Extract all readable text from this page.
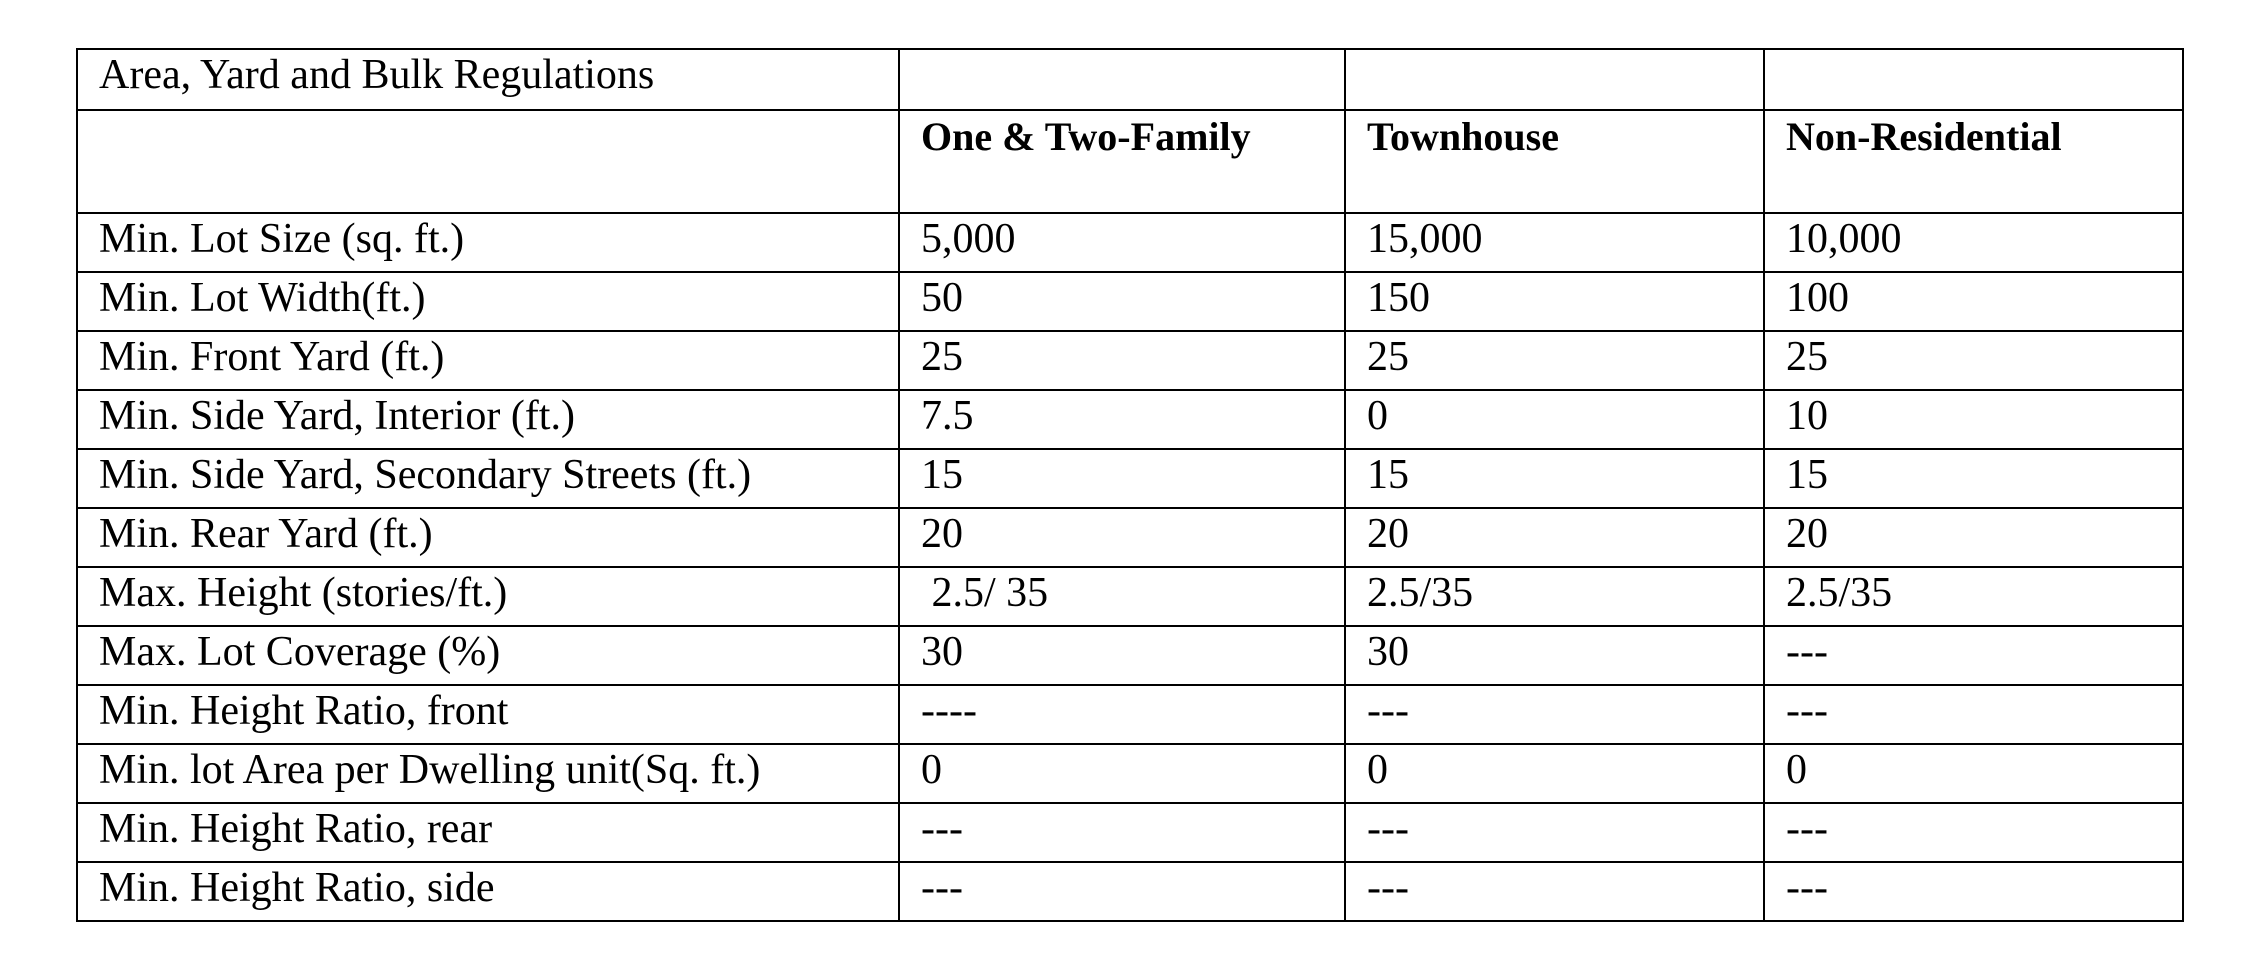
Area, Yard and Bulk Regulations			
	One & Two-Family	Townhouse	Non-Residential
Min. Lot Size (sq. ft.)	5,000	15,000	10,000
Min. Lot Width(ft.)	50	150	100
Min. Front Yard (ft.)	25	25	25
Min. Side Yard, Interior (ft.)	7.5	0	10
Min. Side Yard, Secondary Streets (ft.)	15	15	15
Min. Rear Yard (ft.)	20	20	20
Max. Height (stories/ft.)	2.5/ 35	2.5/35	2.5/35
Max. Lot Coverage (%)	30	30	---
Min. Height Ratio, front	----	---	---
Min. lot Area per Dwelling unit(Sq. ft.)	0	0	0
Min. Height Ratio, rear	---	---	---
Min. Height Ratio, side	---	---	---
